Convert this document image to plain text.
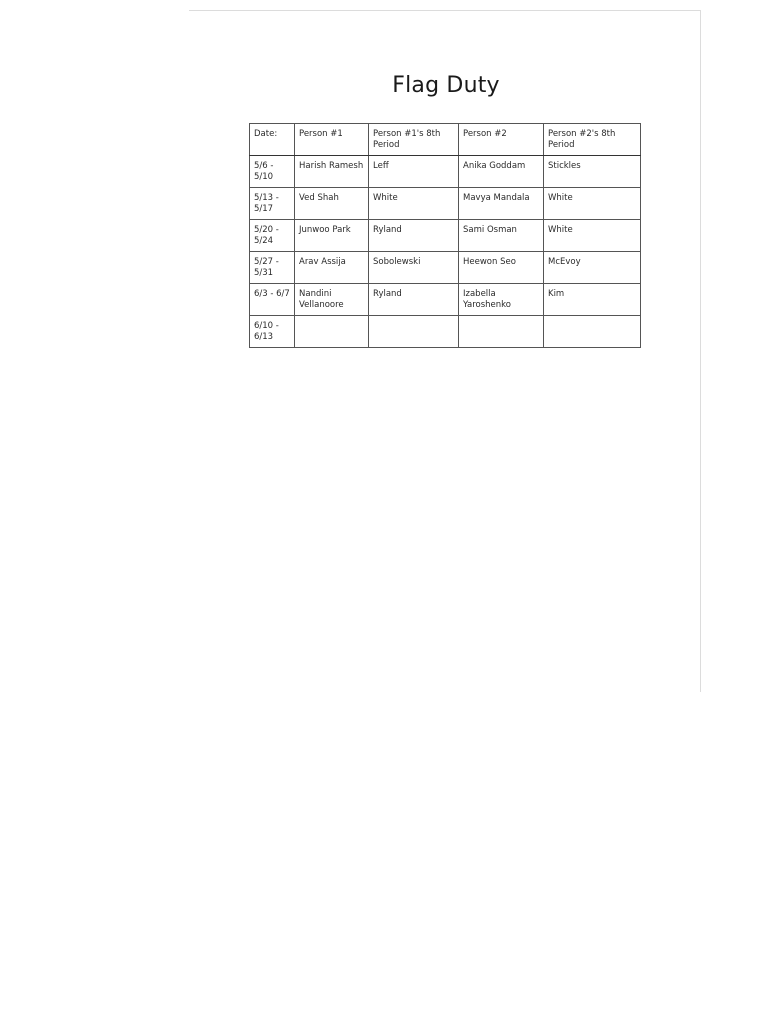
Flag Duty
Date:	Person #1	Person #1's 8th Period	Person #2	Person #2's 8th Period
5/6 - 5/10	Harish Ramesh	Leff	Anika Goddam	Stickles
5/13 - 5/17	Ved Shah	White	Mavya Mandala	White
5/20 - 5/24	Junwoo Park	Ryland	Sami Osman	White
5/27 - 5/31	Arav Assija	Sobolewski	Heewon Seo	McEvoy
6/3 - 6/7	Nandini Vellanoore	Ryland	Izabella Yaroshenko	Kim
6/10 - 6/13				
